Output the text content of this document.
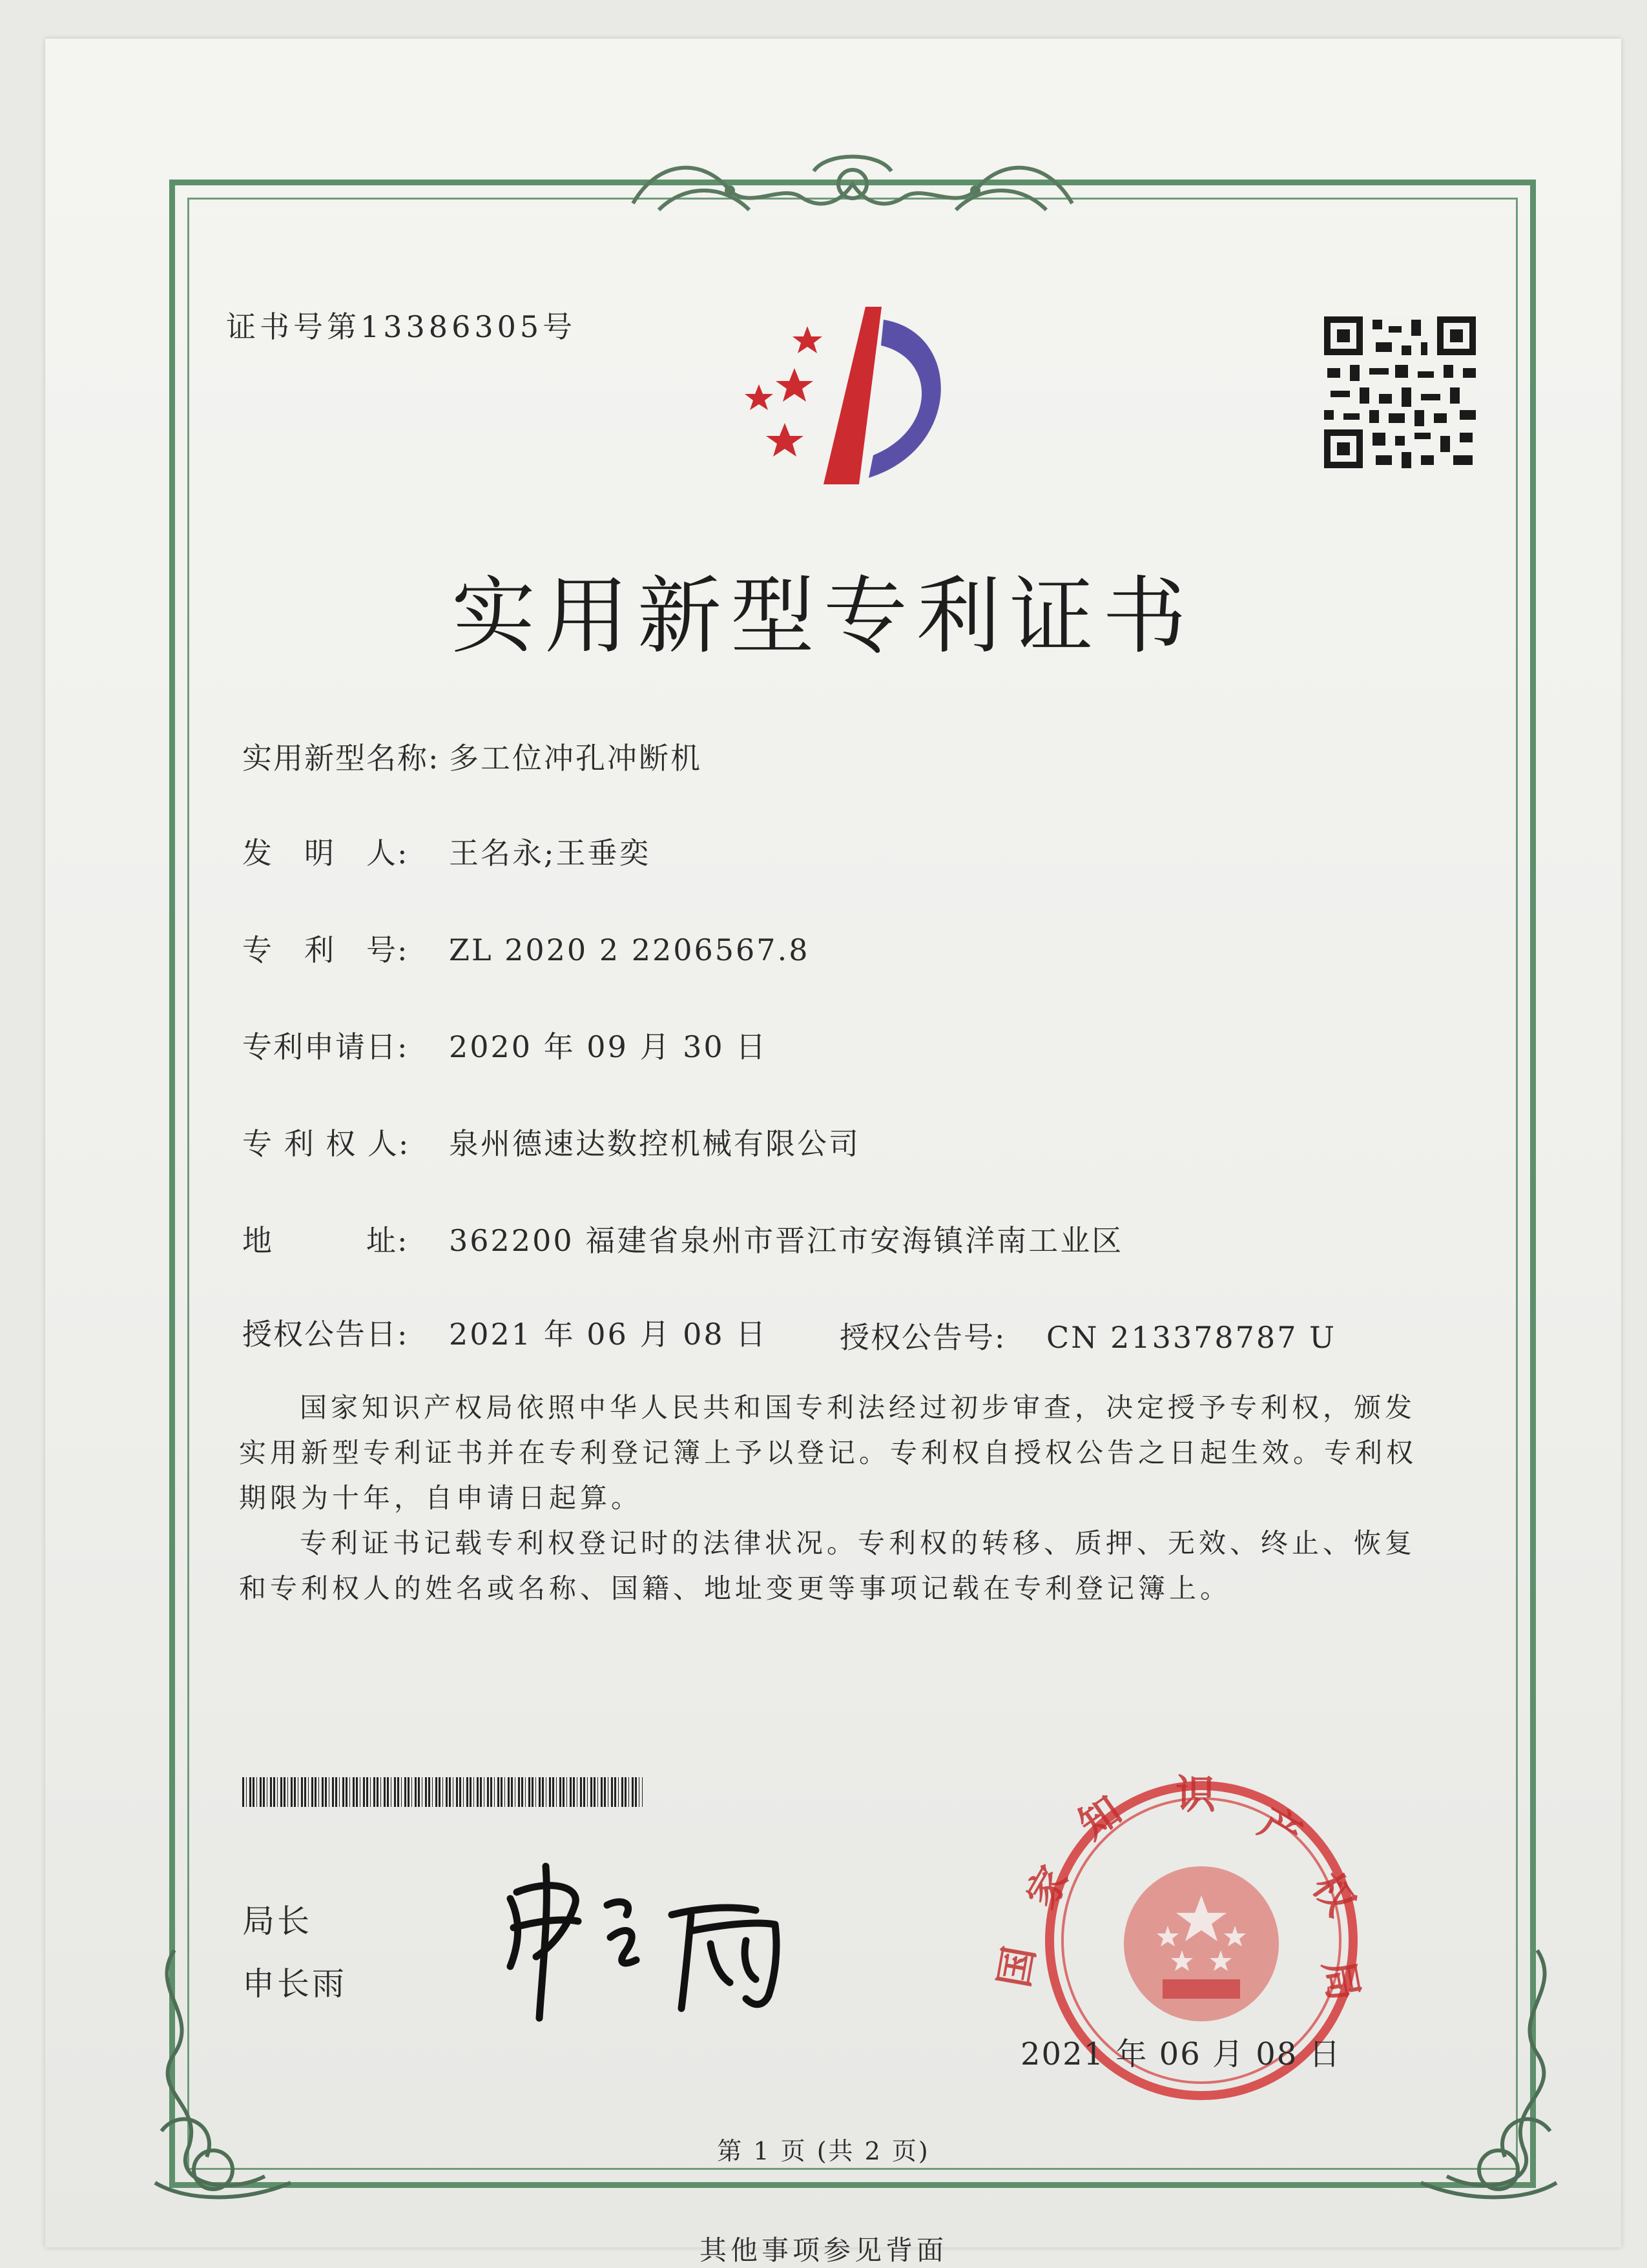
证书号第13386305号
实用新型专利证书
实用新型名称: 多工位冲孔冲断机
发　明　人: 王名永;王垂奕
专　利　号: ZL 2020 2 2206567.8
专利申请日: 2020 年 09 月 30 日
专 利 权 人: 泉州德速达数控机械有限公司
地　　　址: 362200 福建省泉州市晋江市安海镇洋南工业区
授权公告日: 2021 年 06 月 08 日 授权公告号: CN 213378787 U
国家知识产权局依照中华人民共和国专利法经过初步审查，决定授予专利权，颁发实用新型专利证书并在专利登记簿上予以登记。专利权自授权公告之日起生效。专利权期限为十年，自申请日起算。
专利证书记载专利权登记时的法律状况。专利权的转移、质押、无效、终止、恢复和专利权人的姓名或名称、国籍、地址变更等事项记载在专利登记簿上。
局长
申长雨
家
知 识
产
权
局
国
2021 年 06 月 08 日
第 1 页 (共 2 页)
其他事项参见背面
